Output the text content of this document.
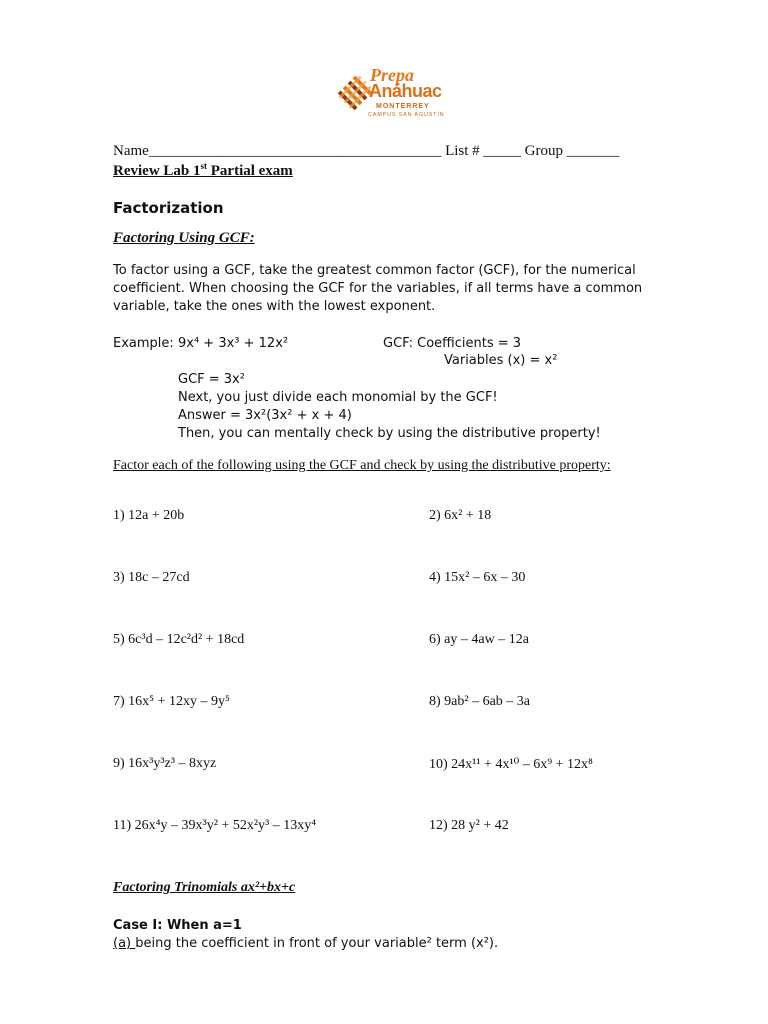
Prepa
Anáhuac
MONTERREY
CAMPUS SAN AGUSTÍN
Name_______________________________________ List # _____ Group _______
Review Lab 1st Partial exam
Factorization
Factoring Using GCF:
To factor using a GCF, take the greatest common factor (GCF), for the numerical
coefficient. When choosing the GCF for the variables, if all terms have a common
variable, take the ones with the lowest exponent.
Example: 9x⁴ + 3x³ + 12x²	GCF: Coefficients = 3
Variables (x) = x²
GCF = 3x²
Next, you just divide each monomial by the GCF!
Answer = 3x²(3x² + x + 4)
Then, you can mentally check by using the distributive property!
Factor each of the following using the GCF and check by using the distributive property:
1) 12a + 20b	2) 6x² + 18
3) 18c – 27cd	4) 15x² – 6x – 30
5) 6c³d – 12c²d² + 18cd	6) ay – 4aw – 12a
7) 16x⁵ + 12xy – 9y⁵	8) 9ab² – 6ab – 3a
9) 16x³y³z³ – 8xyz	10) 24x¹¹ + 4x¹⁰ – 6x⁹ + 12x⁸
11) 26x⁴y – 39x³y² + 52x²y³ – 13xy⁴	12) 28 y² + 42
Factoring Trinomials ax²+bx+c
Case I: When a=1
(a) being the coefficient in front of your variable² term (x²).
